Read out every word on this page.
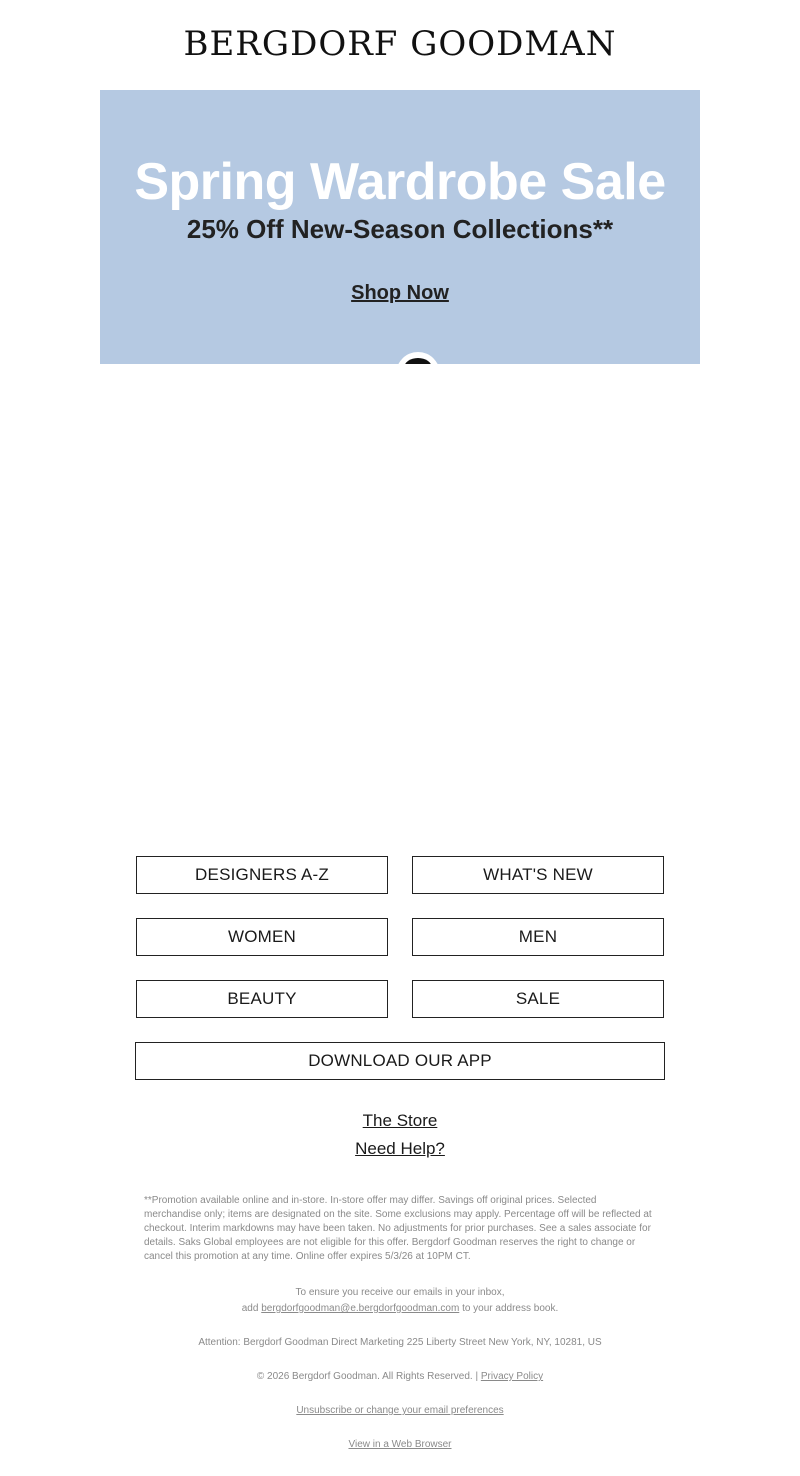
BERGDORF GOODMAN
Spring Wardrobe Sale
25% Off New-Season Collections**
Shop Now
DESIGNERS A-Z	WHAT'S NEW
WOMEN	MEN
BEAUTY	SALE
DOWNLOAD OUR APP
The Store
Need Help?
**Promotion available online and in-store. In-store offer may differ. Savings off original prices. Selected merchandise only; items are designated on the site. Some exclusions may apply. Percentage off will be reflected at checkout. Interim markdowns may have been taken. No adjustments for prior purchases. See a sales associate for details. Saks Global employees are not eligible for this offer. Bergdorf Goodman reserves the right to change or cancel this promotion at any time. Online offer expires 5/3/26 at 10PM CT.
To ensure you receive our emails in your inbox,
add bergdorfgoodman@e.bergdorfgoodman.com to your address book.
Attention: Bergdorf Goodman Direct Marketing 225 Liberty Street New York, NY, 10281, US
© 2026 Bergdorf Goodman. All Rights Reserved. | Privacy Policy
Unsubscribe or change your email preferences
View in a Web Browser
